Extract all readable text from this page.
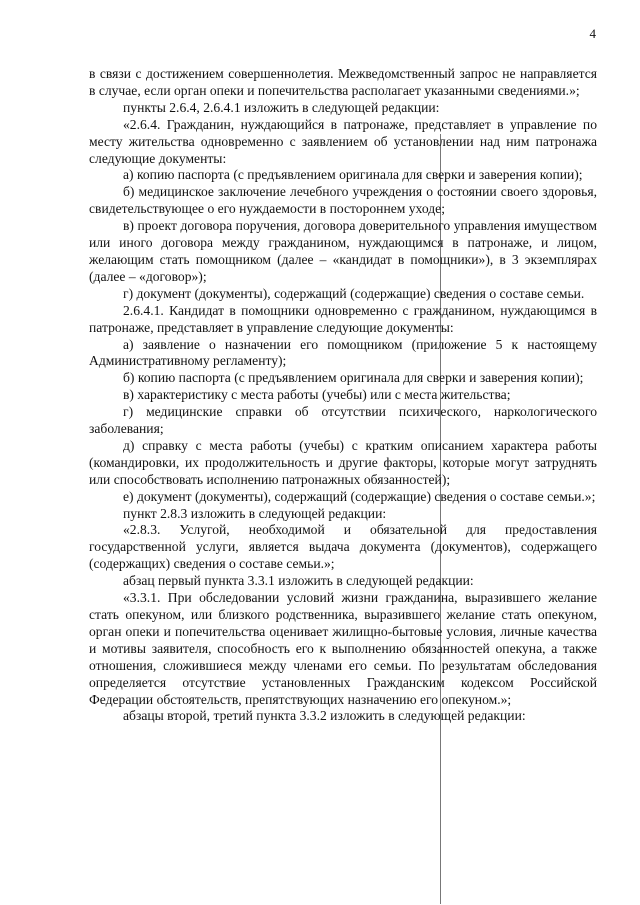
4

в связи с достижением совершеннолетия. Межведомственный запрос не направляется в случае, если орган опеки и попечительства располагает указанными сведениями.»;

пункты 2.6.4, 2.6.4.1 изложить в следующей редакции:

«2.6.4. Гражданин, нуждающийся в патронаже, представляет в управление по месту жительства одновременно с заявлением об установлении над ним патронажа следующие документы:

а) копию паспорта (с предъявлением оригинала для сверки и заверения копии);

б) медицинское заключение лечебного учреждения о состоянии своего здоровья, свидетельствующее о его нуждаемости в постороннем уходе;

в) проект договора поручения, договора доверительного управления имуществом или иного договора между гражданином, нуждающимся в патронаже, и лицом, желающим стать помощником (далее – «кандидат в помощники»), в 3 экземплярах (далее – «договор»);

г) документ (документы), содержащий (содержащие) сведения о составе семьи.

2.6.4.1. Кандидат в помощники одновременно с гражданином, нуждающимся в патронаже, представляет в управление следующие документы:

а) заявление о назначении его помощником (приложение 5 к настоящему Административному регламенту);

б) копию паспорта (с предъявлением оригинала для сверки и заверения копии);

в) характеристику с места работы (учебы) или с места жительства;

г) медицинские справки об отсутствии психического, наркологического заболевания;

д) справку с места работы (учебы) с кратким описанием характера работы (командировки, их продолжительность и другие факторы, которые могут затруднять или способствовать исполнению патронажных обязанностей);

е) документ (документы), содержащий (содержащие) сведения о составе семьи.»;

пункт 2.8.3 изложить в следующей редакции:

«2.8.3. Услугой, необходимой и обязательной для предоставления государственной услуги, является выдача документа (документов), содержащего (содержащих) сведения о составе семьи.»;

абзац первый пункта 3.3.1 изложить в следующей редакции:

«3.3.1. При обследовании условий жизни гражданина, выразившего желание стать опекуном, или близкого родственника, выразившего желание стать опекуном, орган опеки и попечительства оценивает жилищно-бытовые условия, личные качества и мотивы заявителя, способность его к выполнению обязанностей опекуна, а также отношения, сложившиеся между членами его семьи. По результатам обследования определяется отсутствие установленных Гражданским кодексом Российской Федерации обстоятельств, препятствующих назначению его опекуном.»;

абзацы второй, третий пункта 3.3.2 изложить в следующей редакции:
